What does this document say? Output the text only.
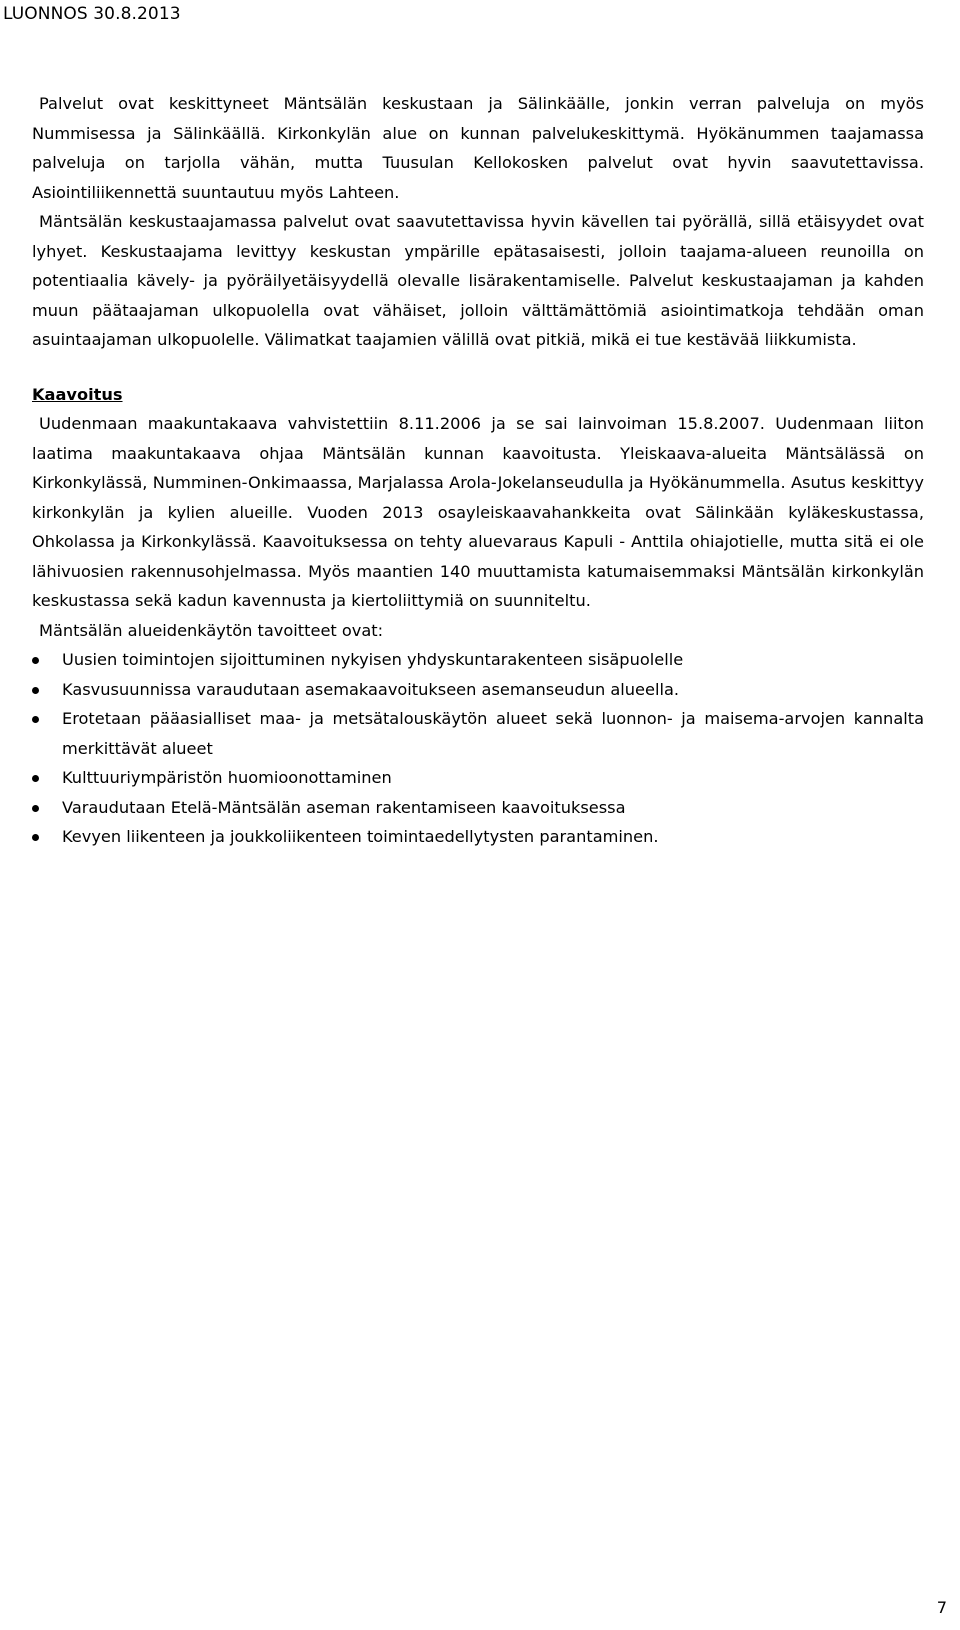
LUONNOS 30.8.2013

Palvelut ovat keskittyneet Mäntsälän keskustaan ja Sälinkäälle, jonkin verran palveluja on myös Nummisessa ja Sälinkäällä. Kirkonkylän alue on kunnan palvelukeskittymä. Hyökänummen taajamassa palveluja on tarjolla vähän, mutta Tuusulan Kellokosken palvelut ovat hyvin saavutettavissa. Asiointiliikennettä suuntautuu myös Lahteen.

Mäntsälän keskustaajamassa palvelut ovat saavutettavissa hyvin kävellen tai pyörällä, sillä etäisyydet ovat lyhyet. Keskustaajama levittyy keskustan ympärille epätasaisesti, jolloin taajama-alueen reunoilla on potentiaalia kävely- ja pyöräilyetäisyydellä olevalle lisärakentamiselle. Palvelut keskustaajaman ja kahden muun päätaajaman ulkopuolella ovat vähäiset, jolloin välttämättömiä asiointimatkoja tehdään oman asuintaajaman ulkopuolelle. Välimatkat taajamien välillä ovat pitkiä, mikä ei tue kestävää liikkumista.

Kaavoitus

Uudenmaan maakuntakaava vahvistettiin 8.11.2006 ja se sai lainvoiman 15.8.2007. Uudenmaan liiton laatima maakuntakaava ohjaa Mäntsälän kunnan kaavoitusta. Yleiskaava-alueita Mäntsälässä on Kirkonkylässä, Numminen-Onkimaassa, Marjalassa Arola-Jokelanseudulla ja Hyökänummella. Asutus keskittyy kirkonkylän ja kylien alueille. Vuoden 2013 osayleiskaavahankkeita ovat Sälinkään kyläkeskustassa, Ohkolassa ja Kirkonkylässä. Kaavoituksessa on tehty aluevaraus Kapuli - Anttila ohiajotielle, mutta sitä ei ole lähivuosien rakennusohjelmassa. Myös maantien 140 muuttamista katumaisemmaksi Mäntsälän kirkonkylän keskustassa sekä kadun kavennusta ja kiertoliittymiä on suunniteltu.

Mäntsälän alueidenkäytön tavoitteet ovat:

Uusien toimintojen sijoittuminen nykyisen yhdyskuntarakenteen sisäpuolelle
Kasvusuunnissa varaudutaan asemakaavoitukseen asemanseudun alueella.
Erotetaan pääasialliset maa- ja metsätalouskäytön alueet sekä luonnon- ja maisema-arvojen kannalta merkittävät alueet
Kulttuuriympäristön huomioonottaminen
Varaudutaan Etelä-Mäntsälän aseman rakentamiseen kaavoituksessa
Kevyen liikenteen ja joukkoliikenteen toimintaedellytysten parantaminen.
7
